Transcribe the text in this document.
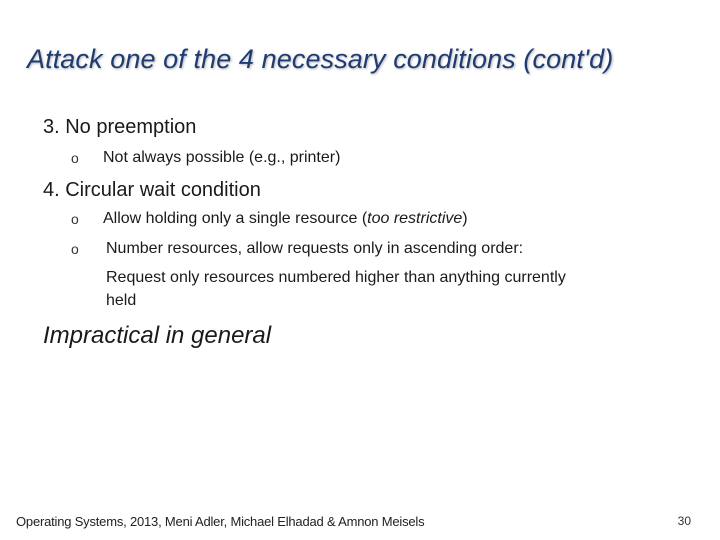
Attack one of the 4 necessary conditions (cont'd)
3. No preemption
o Not always possible (e.g., printer)
4. Circular wait condition
o Allow holding only a single resource (too restrictive)
o Number resources, allow requests only in ascending order:
Request only resources numbered higher than anything currently
held
Impractical in general
Operating Systems, 2013, Meni Adler, Michael Elhadad & Amnon Meisels	30
